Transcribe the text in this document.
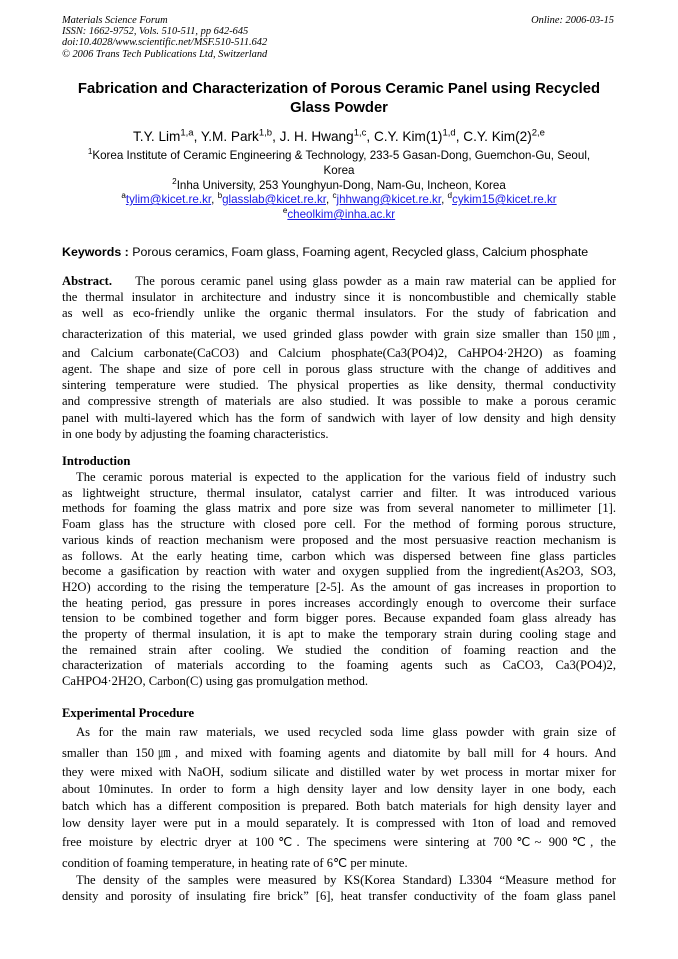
Materials Science Forum
ISSN: 1662-9752, Vols. 510-511, pp 642-645
doi:10.4028/www.scientific.net/MSF.510-511.642
© 2006 Trans Tech Publications Ltd, Switzerland
Online: 2006-03-15
Fabrication and Characterization of Porous Ceramic Panel using Recycled
Glass Powder
T.Y. Lim$^{1,a}$, Y.M. Park$^{1,b}$, J. H. Hwang$^{1,c}$, C.Y. $Kim(1)^{1,d}$, C.Y. $Kim(2)^{2,e}$
$^1$Korea Institute of Ceramic Engineering & Technology, 233-5 Gasan-Dong, Guemchon-Gu, Seoul,
Korea
$^2$Inha University, 253 Younghyun-Dong, Nam-Gu, Incheon, Korea
$^a$tylim@kicet.re.kr, $^b$glasslab@kicet.re.kr, $^c$jhhwang@kicet.re.kr, $^d$cykim15@kicet.re.kr
$^e$cheolkim@inha.ac.kr
Keywords : Porous ceramics, Foam glass, Foaming agent, Recycled glass, Calcium phosphate
Abstract. The porous ceramic panel using glass powder as a main raw material can be applied for
the thermal insulator in architecture and industry since it is noncombustible and chemically stable
as well as eco-friendly unlike the organic thermal insulators. For the study of fabrication and
characterization of this material, we used grinded glass powder with grain size smaller than 150㎛,
and Calcium carbonate(CaCO3) and Calcium phosphate(Ca3(PO4)2, CaHPO4·2H2O) as foaming
agent. The shape and size of pore cell in porous glass structure with the change of additives and
sintering temperature were studied. The physical properties as like density, thermal conductivity
and compressive strength of materials are also studied. It was possible to make a porous ceramic
panel with multi-layered which has the form of sandwich with layer of low density and high density
in one body by adjusting the foaming characteristics.
Introduction
The ceramic porous material is expected to the application for the various field of industry such
as lightweight structure, thermal insulator, catalyst carrier and filter. It was introduced various
methods for foaming the glass matrix and pore size was from several nanometer to millimeter [1].
Foam glass has the structure with closed pore cell. For the method of forming porous structure,
various kinds of reaction mechanism were proposed and the most persuasive reaction mechanism is
as follows. At the early heating time, carbon which was dispersed between fine glass particles
become a gasification by reaction with water and oxygen supplied from the ingredient(As2O3, SO3,
H2O) according to the rising the temperature [2-5]. As the amount of gas increases in proportion to
the heating period, gas pressure in pores increases accordingly enough to overcome their surface
tension to be combined together and form bigger pores. Because expanded foam glass already has
the property of thermal insulation, it is apt to make the temporary strain during cooling stage and
the remained strain after cooling. We studied the condition of foaming reaction and the
characterization of materials according to the foaming agents such as CaCO3, Ca3(PO4)2,
CaHPO4·2H2O, Carbon(C) using gas promulgation method.
Experimental Procedure
As for the main raw materials, we used recycled soda lime glass powder with grain size of
smaller than 150㎛, and mixed with foaming agents and diatomite by ball mill for 4 hours. And
they were mixed with NaOH, sodium silicate and distilled water by wet process in mortar mixer for
about 10minutes. In order to form a high density layer and low density layer in one body, each
batch which has a different composition is prepared. Both batch materials for high density layer and
low density layer were put in a mould separately. It is compressed with 1ton of load and removed
free moisture by electric dryer at 100℃. The specimens were sintering at 700℃~ 900℃, the
condition of foaming temperature, in heating rate of 6℃ per minute.
The density of the samples were measured by KS(Korea Standard) L3304 “Measure method for
density and porosity of insulating fire brick” [6], heat transfer conductivity of the foam glass panel
